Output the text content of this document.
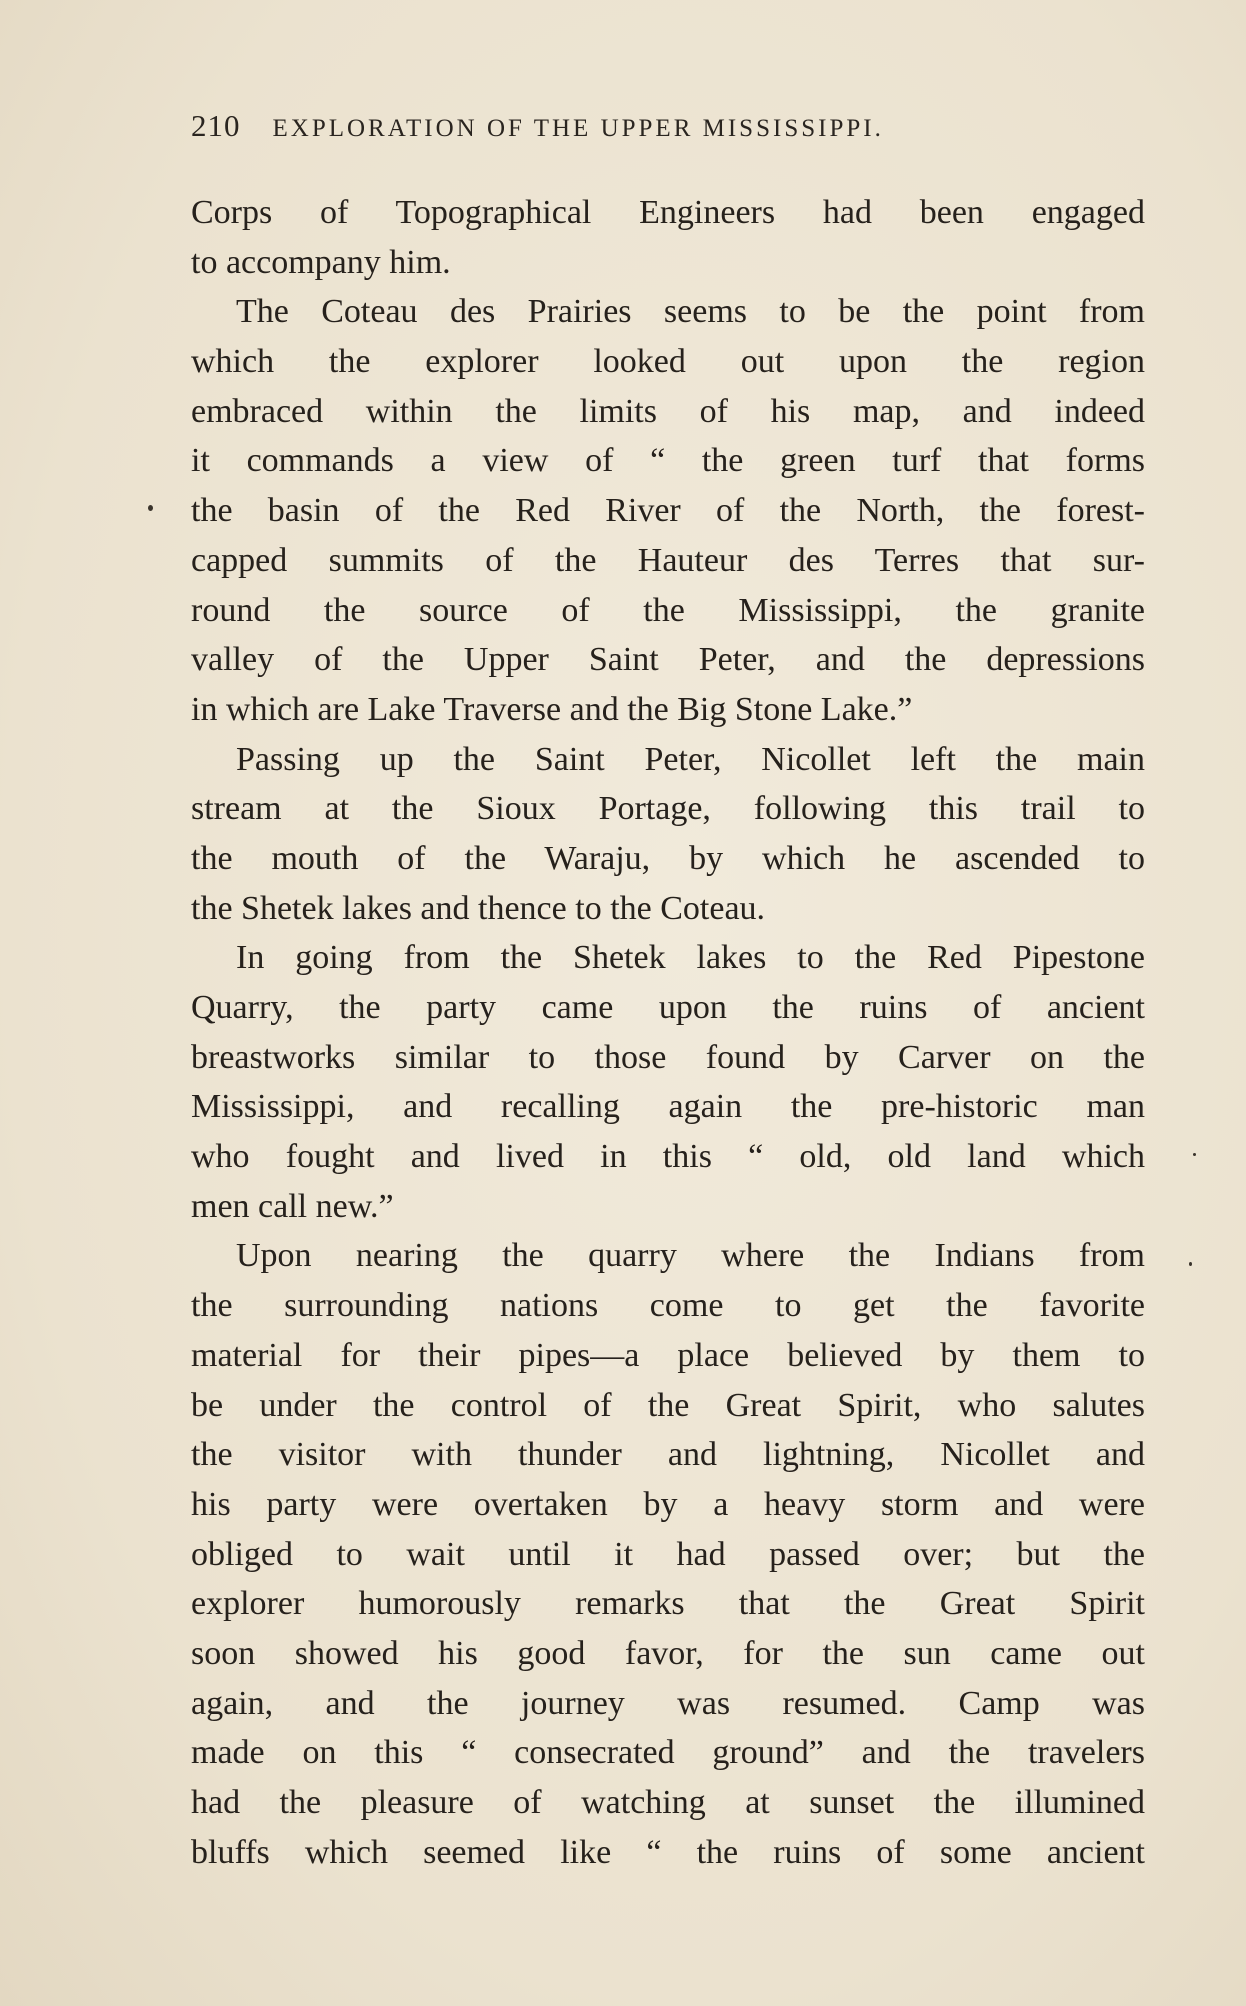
210 EXPLORATION OF THE UPPER MISSISSIPPI.
Corps of Topographical Engineers had been engaged
to accompany him.
The Coteau des Prairies seems to be the point from
which the explorer looked out upon the region
embraced within the limits of his map, and indeed
it commands a view of “ the green turf that forms
the basin of the Red River of the North, the forest-
capped summits of the Hauteur des Terres that sur-
round the source of the Mississippi, the granite
valley of the Upper Saint Peter, and the depressions
in which are Lake Traverse and the Big Stone Lake.”
Passing up the Saint Peter, Nicollet left the main
stream at the Sioux Portage, following this trail to
the mouth of the Waraju, by which he ascended to
the Shetek lakes and thence to the Coteau.
In going from the Shetek lakes to the Red Pipestone
Quarry, the party came upon the ruins of ancient
breastworks similar to those found by Carver on the
Mississippi, and recalling again the pre-historic man
who fought and lived in this “ old, old land which
men call new.”
Upon nearing the quarry where the Indians from
the surrounding nations come to get the favorite
material for their pipes—a place believed by them to
be under the control of the Great Spirit, who salutes
the visitor with thunder and lightning, Nicollet and
his party were overtaken by a heavy storm and were
obliged to wait until it had passed over; but the
explorer humorously remarks that the Great Spirit
soon showed his good favor, for the sun came out
again, and the journey was resumed. Camp was
made on this “ consecrated ground” and the travelers
had the pleasure of watching at sunset the illumined
bluffs which seemed like “ the ruins of some ancient
